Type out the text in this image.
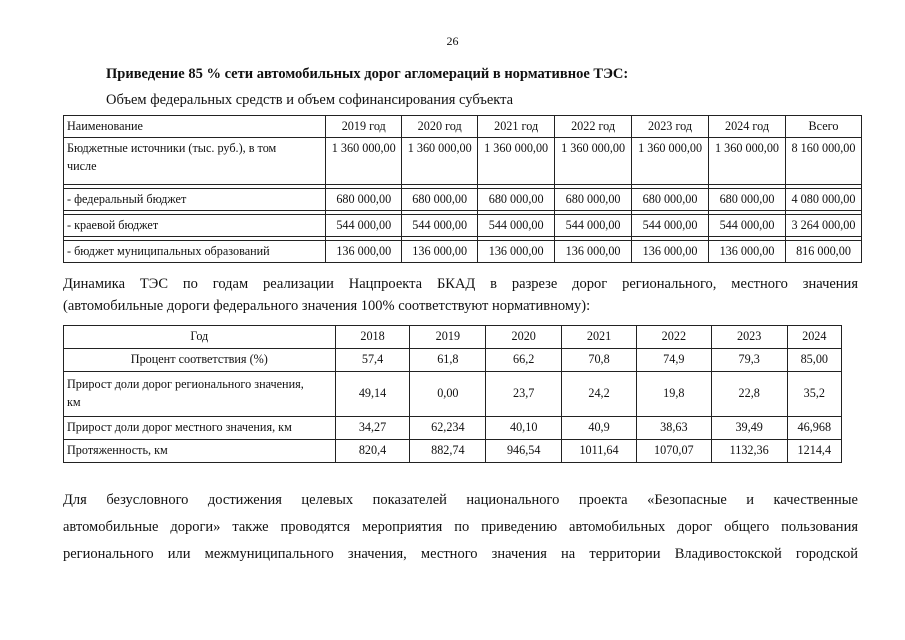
26
Приведение 85 % сети автомобильных дорог агломераций в нормативное ТЭС:
Объем федеральных средств и объем софинансирования субъекта
Наименование	2019 год	2020 год	2021 год	2022 год	2023 год	2024 год	Всего

Бюджетные источники (тыс. руб.), в том
числе	1 360 000,00	1 360 000,00	1 360 000,00	1 360 000,00	1 360 000,00	1 360 000,00	8 160 000,00

- федеральный бюджет	680 000,00	680 000,00	680 000,00	680 000,00	680 000,00	680 000,00	4 080 000,00

- краевой бюджет	544 000,00	544 000,00	544 000,00	544 000,00	544 000,00	544 000,00	3 264 000,00

- бюджет муниципальных образований	136 000,00	136 000,00	136 000,00	136 000,00	136 000,00	136 000,00	816 000,00
Динамика ТЭС по годам реализации Нацпроекта БКАД в разрезе дорог регионального, местного значения
(автомобильные дороги федерального значения 100% соответствуют нормативному):
Год	2018	2019	2020	2021	2022	2023	2024
Процент соответствия (%)	57,4	61,8	66,2	70,8	74,9	79,3	85,00

Прирост доли дорог регионального значения,
км	49,14	0,00	23,7	24,2	19,8	22,8	35,2
Прирост доли дорог местного значения, км	34,27	62,234	40,10	40,9	38,63	39,49	46,968
Протяженность, км	820,4	882,74	946,54	1011,64	1070,07	1132,36	1214,4
Для безусловного достижения целевых показателей национального проекта «Безопасные и качественные
автомобильные дороги» также проводятся мероприятия по приведению автомобильных дорог общего пользования
регионального или межмуниципального значения, местного значения на территории Владивостокской городской
